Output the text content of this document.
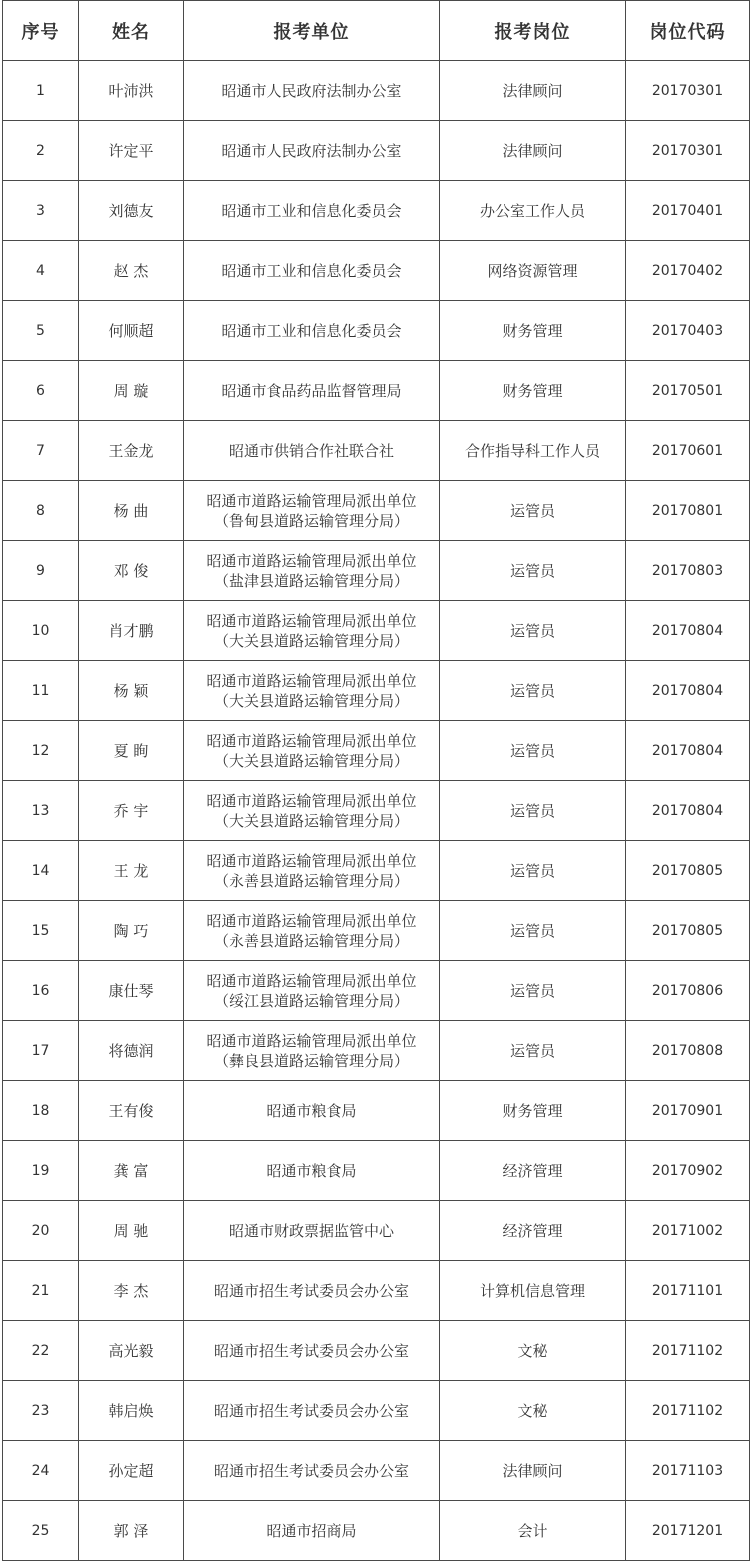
序号	姓名	报考单位	报考岗位	岗位代码
1	叶沛洪	昭通市人民政府法制办公室	法律顾问	20170301
2	许定平	昭通市人民政府法制办公室	法律顾问	20170301
3	刘德友	昭通市工业和信息化委员会	办公室工作人员	20170401
4	赵 杰	昭通市工业和信息化委员会	网络资源管理	20170402
5	何顺超	昭通市工业和信息化委员会	财务管理	20170403
6	周 璇	昭通市食品药品监督管理局	财务管理	20170501
7	王金龙	昭通市供销合作社联合社	合作指导科工作人员	20170601
8	杨 曲	昭通市道路运输管理局派出单位
（鲁甸县道路运输管理分局）	运管员	20170801
9	邓 俊	昭通市道路运输管理局派出单位
（盐津县道路运输管理分局）	运管员	20170803
10	肖才鹏	昭通市道路运输管理局派出单位
（大关县道路运输管理分局）	运管员	20170804
11	杨 颖	昭通市道路运输管理局派出单位
（大关县道路运输管理分局）	运管员	20170804
12	夏 眴	昭通市道路运输管理局派出单位
（大关县道路运输管理分局）	运管员	20170804
13	乔 宇	昭通市道路运输管理局派出单位
（大关县道路运输管理分局）	运管员	20170804
14	王 龙	昭通市道路运输管理局派出单位
（永善县道路运输管理分局）	运管员	20170805
15	陶 巧	昭通市道路运输管理局派出单位
（永善县道路运输管理分局）	运管员	20170805
16	康仕琴	昭通市道路运输管理局派出单位
（绥江县道路运输管理分局）	运管员	20170806
17	将德润	昭通市道路运输管理局派出单位
（彝良县道路运输管理分局）	运管员	20170808
18	王有俊	昭通市粮食局	财务管理	20170901
19	龚 富	昭通市粮食局	经济管理	20170902
20	周 驰	昭通市财政票据监管中心	经济管理	20171002
21	李 杰	昭通市招生考试委员会办公室	计算机信息管理	20171101
22	高光毅	昭通市招生考试委员会办公室	文秘	20171102
23	韩启焕	昭通市招生考试委员会办公室	文秘	20171102
24	孙定超	昭通市招生考试委员会办公室	法律顾问	20171103
25	郭 泽	昭通市招商局	会计	20171201
